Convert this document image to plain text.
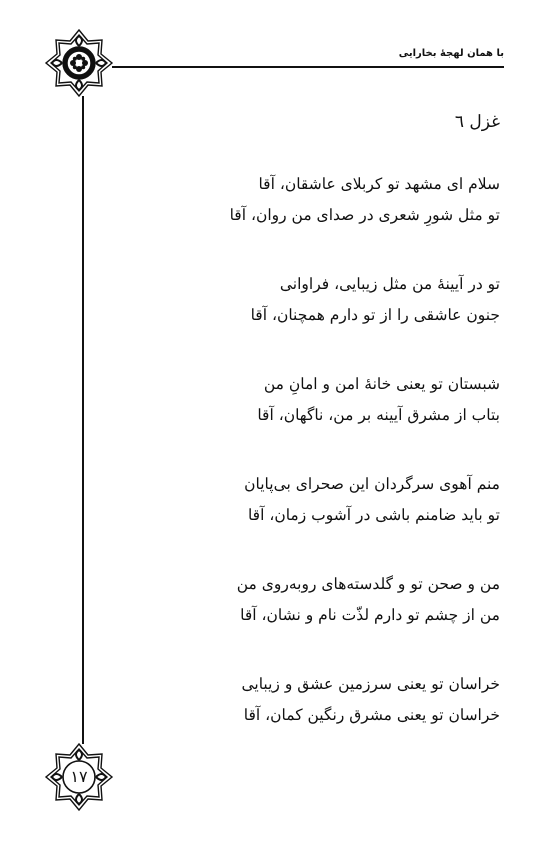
با همان لهجهٔ بخارایی
غزل ٦
سلام ای مشهد تو کربلای عاشقان، آقا
تو مثل شورِ شعری در صدای من روان، آقا
تو در آیینهٔ من مثل زیبایی، فراوانی
جنون عاشقی را از تو دارم همچنان، آقا
شبستان تو یعنی خانهٔ امن و امانِ من
بتاب از مشرق آیینه بر من، ناگهان، آقا
منم آهوی سرگردان این صحرای بی‌پایان
تو باید ضامنم باشی در آشوب زمان، آقا
من و صحن تو و گلدسته‌های روبه‌روی من
من از چشم تو دارم لذّت نام و نشان، آقا
خراسان تو یعنی سرزمین عشق و زیبایی
خراسان تو یعنی مشرق رنگین کمان، آقا
۱۷
